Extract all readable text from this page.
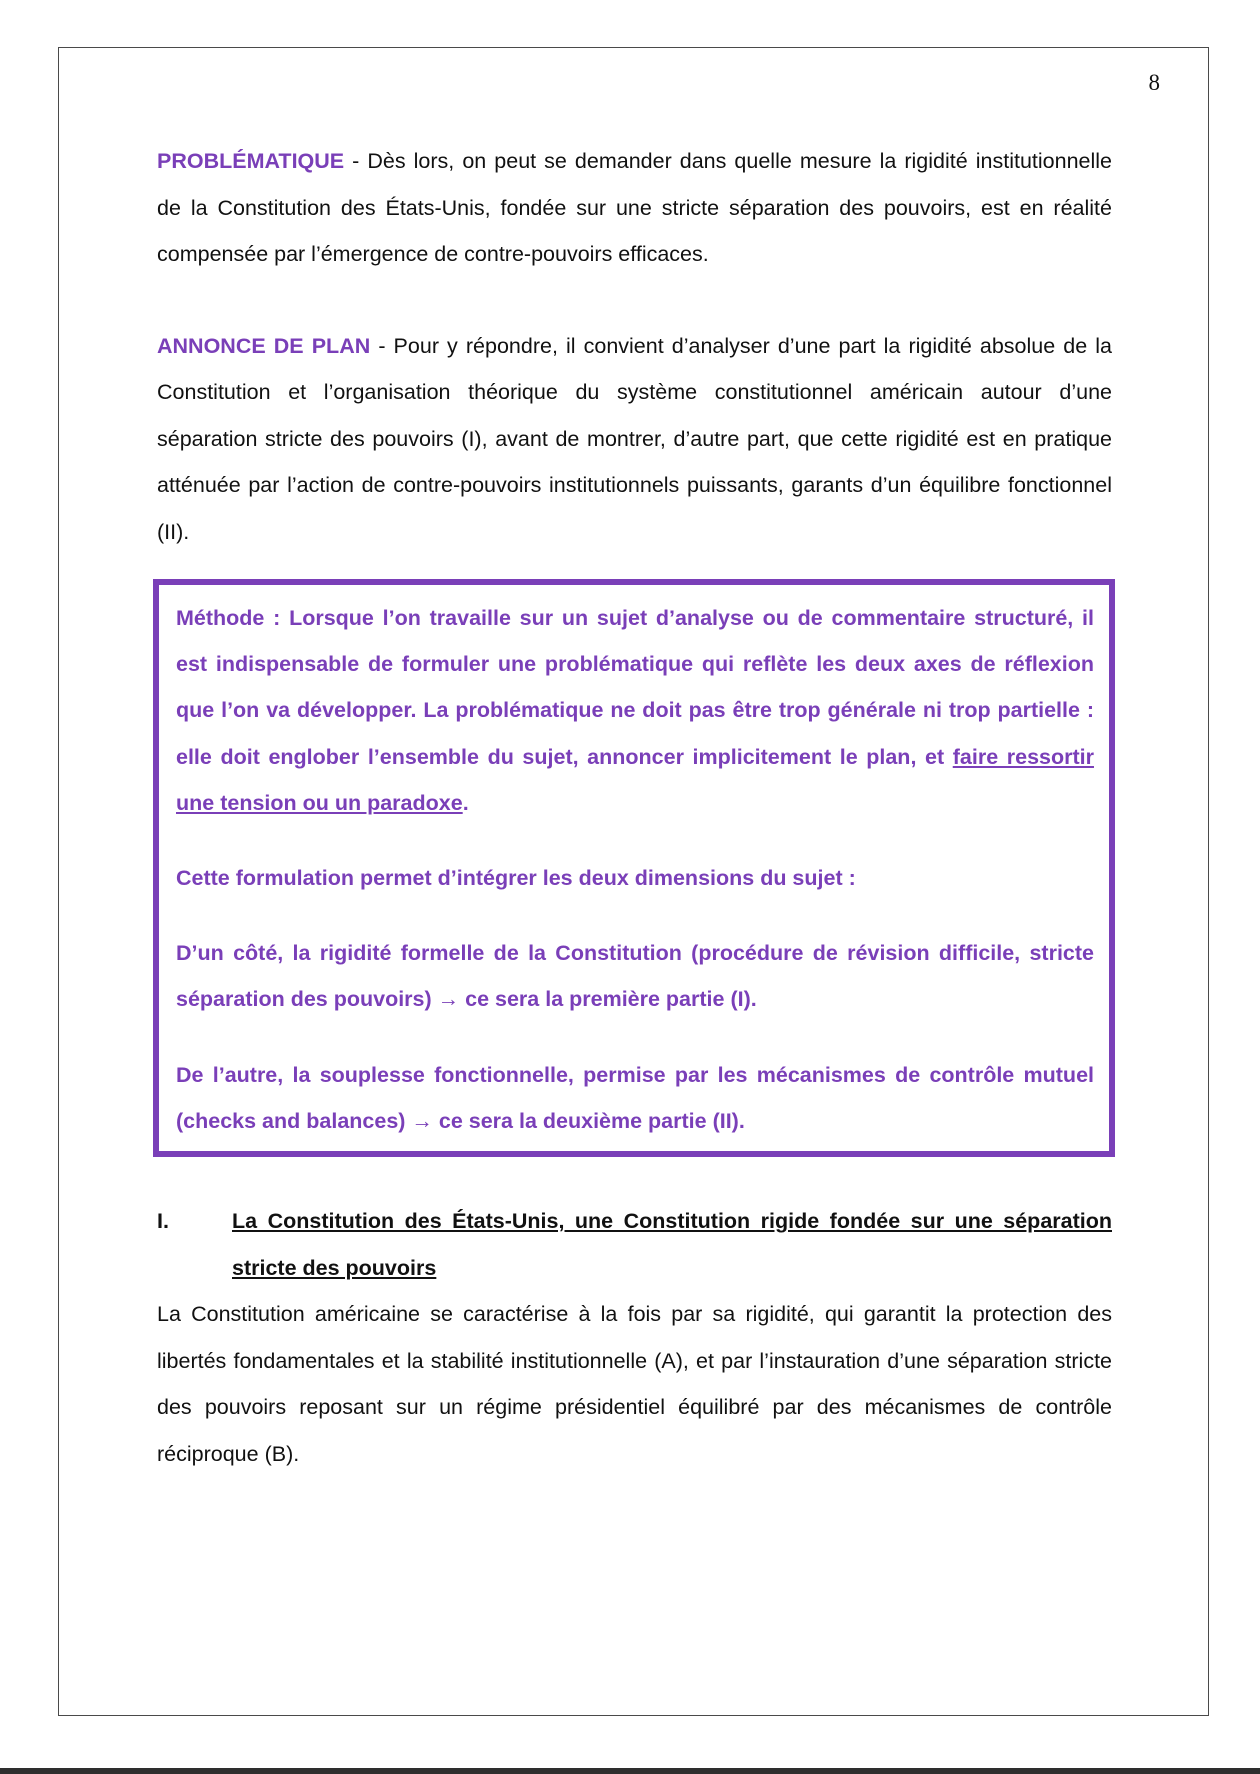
8

PROBLÉMATIQUE - Dès lors, on peut se demander dans quelle mesure la rigidité institutionnelle de la Constitution des États-Unis, fondée sur une stricte séparation des pouvoirs, est en réalité compensée par l’émergence de contre-pouvoirs efficaces.

ANNONCE DE PLAN - Pour y répondre, il convient d’analyser d’une part la rigidité absolue de la Constitution et l’organisation théorique du système constitutionnel américain autour d’une séparation stricte des pouvoirs (I), avant de montrer, d’autre part, que cette rigidité est en pratique atténuée par l’action de contre-pouvoirs institutionnels puissants, garants d’un équilibre fonctionnel (II).

Méthode : Lorsque l’on travaille sur un sujet d’analyse ou de commentaire structuré, il est indispensable de formuler une problématique qui reflète les deux axes de réflexion que l’on va développer. La problématique ne doit pas être trop générale ni trop partielle : elle doit englober l’ensemble du sujet, annoncer implicitement le plan, et faire ressortir une tension ou un paradoxe.

Cette formulation permet d’intégrer les deux dimensions du sujet :

D’un côté, la rigidité formelle de la Constitution (procédure de révision difficile, stricte séparation des pouvoirs) → ce sera la première partie (I).

De l’autre, la souplesse fonctionnelle, permise par les mécanismes de contrôle mutuel (checks and balances) → ce sera la deuxième partie (II).

I.	La Constitution des États-Unis, une Constitution rigide fondée sur une séparation stricte des pouvoirs

La Constitution américaine se caractérise à la fois par sa rigidité, qui garantit la protection des libertés fondamentales et la stabilité institutionnelle (A), et par l’instauration d’une séparation stricte des pouvoirs reposant sur un régime présidentiel équilibré par des mécanismes de contrôle réciproque (B).
